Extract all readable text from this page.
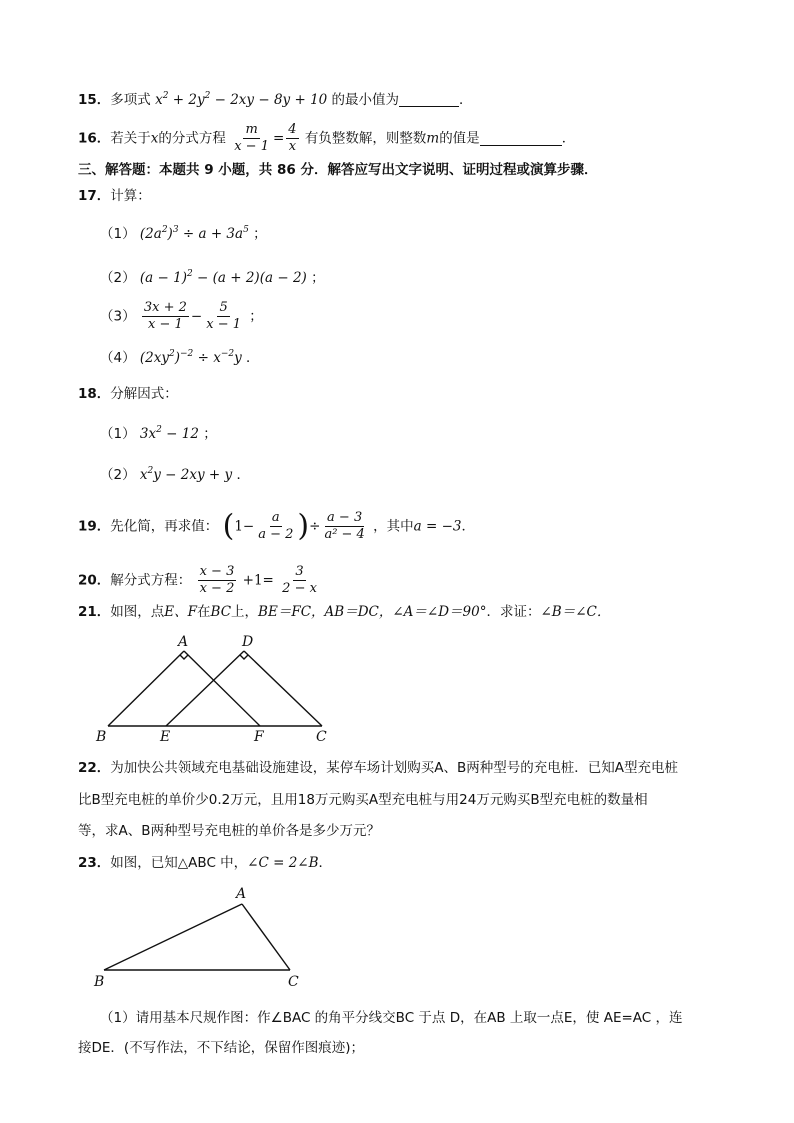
15．多项式 $x^2 + 2y^2 - 2xy - 8y + 10$ 的最小值为	．
16．若关于x的分式方程 $\frac{m}{x - 1} = \frac{4}{x}$ 有负整数解，则整数m的值是	．
三、解答题：本题共 9 小题，共 86 分．解答应写出文字说明、证明过程或演算步骤．
17．计算：
（1） $(2a^2)^3 \div a + 3a^5$ ；
（2） $(a - 1)^2 - (a + 2)(a - 2)$ ；
$(3) \frac{3x + 2}{x - 1} - \frac{5}{x - 1}$ ；
（4） $(2xy^2)^{-2} \div x^{-2}y$ ．
18．分解因式：
（1） $3x^2 - 12$ ；
（2） $x^2y - 2xy + y$ ．
19．先化简，再求值： ($1- \frac{a}{a - 2}$ )÷ $\frac{a - 3}{\text{a² − 4}}$ ，其中a = −3．
20．解分式方程： $\frac{x - 3}{x - 2} +1= \frac{3}{2 - x}$
21．如图，点E、F在BC上，BE＝FC，AB＝DC，∠A＝∠D＝90°．求证：∠B＝∠C．
A	D
B	E	F	C
22．为加快公共领域充电基础设施建设，某停车场计划购买A、B两种型号的充电桩．已知A型充电桩
比B型充电桩的单价少0.2万元，且用18万元购买A型充电桩与用24万元购买B型充电桩的数量相
等，求A、B两种型号充电桩的单价各是多少万元？
23．如图，已知△ABC 中，∠C = 2∠B．
A
B	C
（1）请用基本尺规作图：作∠BAC 的角平分线交BC 于点 D，在AB 上取一点E，使 AE=AC ，连
接DE．(不写作法，不下结论，保留作图痕迹)；
